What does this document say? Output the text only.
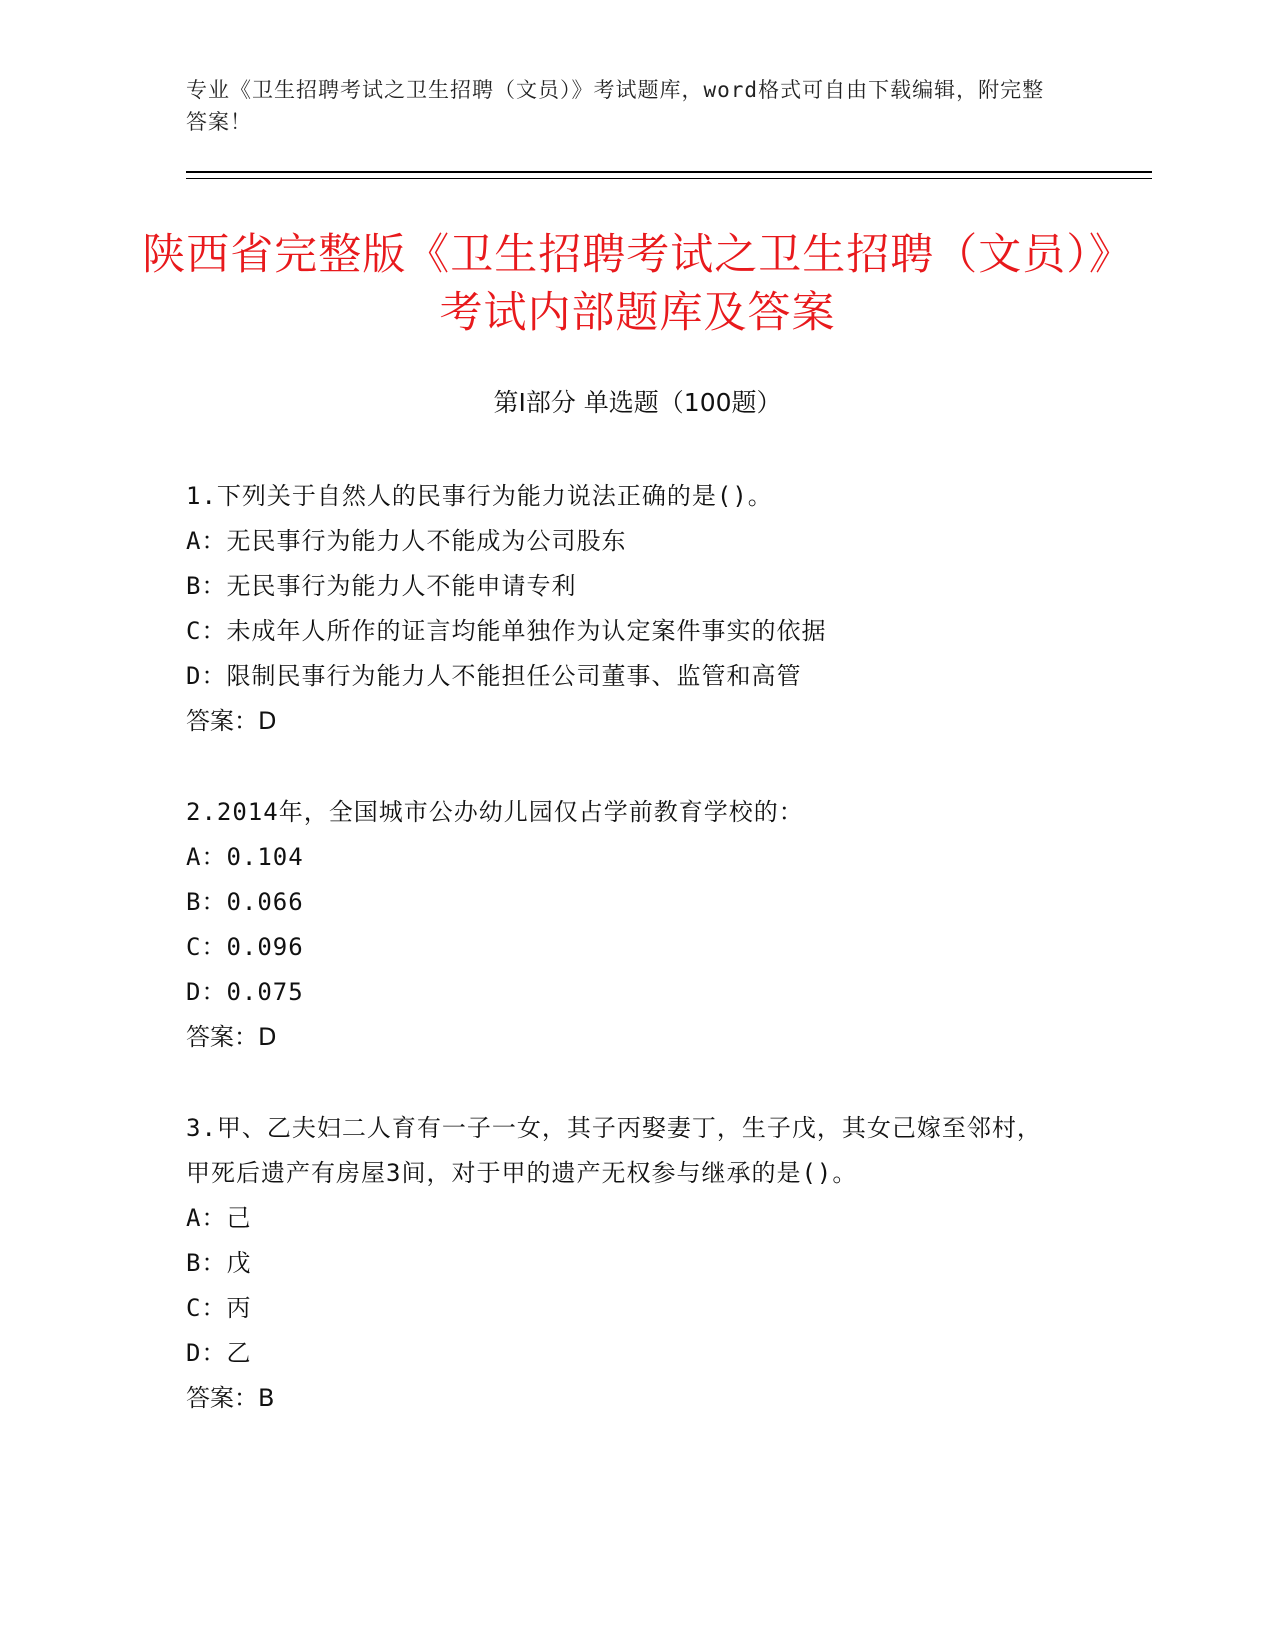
专业《卫生招聘考试之卫生招聘（文员）》考试题库，word格式可自由下载编辑，附完整答案！
陕西省完整版《卫生招聘考试之卫生招聘（文员）》考试内部题库及答案
第Ⅰ部分 单选题（100题）
1.下列关于自然人的民事行为能力说法正确的是()。
A：无民事行为能力人不能成为公司股东
B：无民事行为能力人不能申请专利
C：未成年人所作的证言均能单独作为认定案件事实的依据
D：限制民事行为能力人不能担任公司董事、监管和高管
答案：D
2.2014年，全国城市公办幼儿园仅占学前教育学校的：
A：0.104
B：0.066
C：0.096
D：0.075
答案：D
3.甲、乙夫妇二人育有一子一女，其子丙娶妻丁，生子戊，其女己嫁至邻村，甲死后遗产有房屋3间，对于甲的遗产无权参与继承的是()。
A：己
B：戊
C：丙
D：乙
答案：B
